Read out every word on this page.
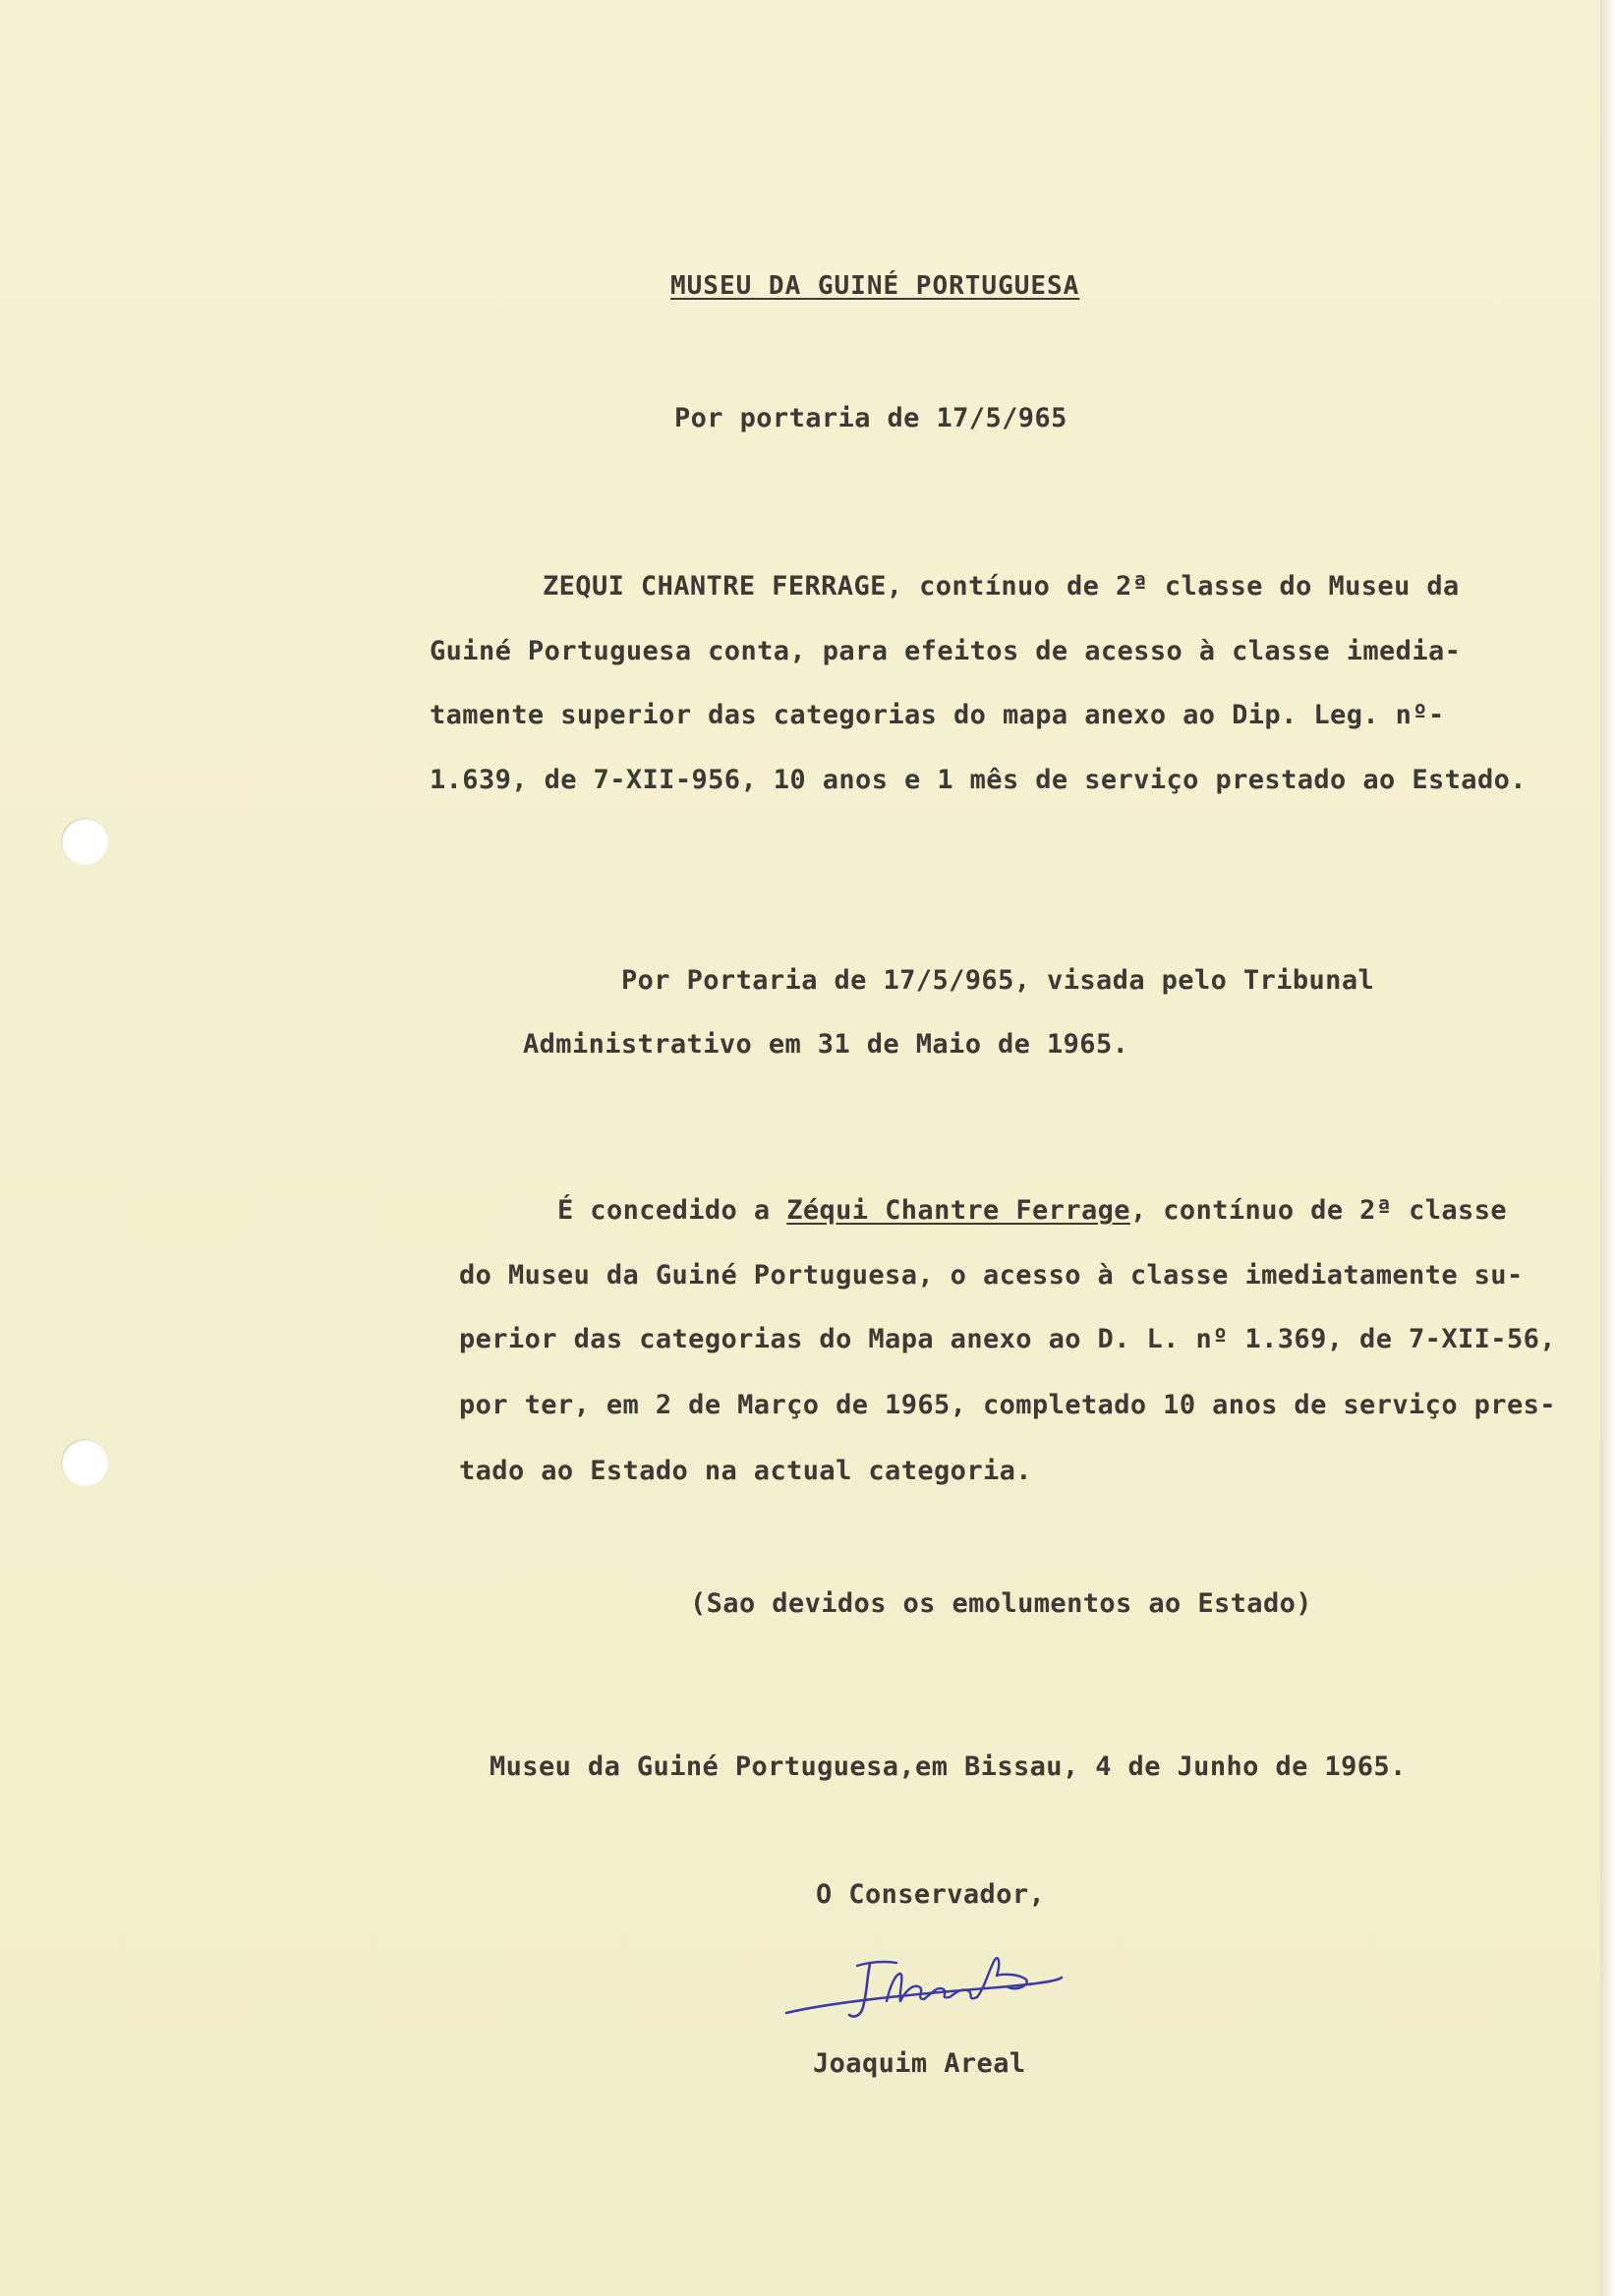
MUSEU DA GUINÉ PORTUGUESA

Por portaria de 17/5/965

ZEQUI CHANTRE FERRAGE, contínuo de 2ª classe do Museu da

Guiné Portuguesa conta, para efeitos de acesso à classe imedia-

tamente superior das categorias do mapa anexo ao Dip. Leg. nº-

1.639, de 7-XII-956, 10 anos e 1 mês de serviço prestado ao Estado.

Por Portaria de 17/5/965, visada pelo Tribunal

Administrativo em 31 de Maio de 1965.

É concedido a Zéqui Chantre Ferrage, contínuo de 2ª classe

do Museu da Guiné Portuguesa, o acesso à classe imediatamente su-

perior das categorias do Mapa anexo ao D. L. nº 1.369, de 7-XII-56,

por ter, em 2 de Março de 1965, completado 10 anos de serviço pres-

tado ao Estado na actual categoria.

(Sao devidos os emolumentos ao Estado)

Museu da Guiné Portuguesa,em Bissau, 4 de Junho de 1965.

O Conservador,

Joaquim Areal
